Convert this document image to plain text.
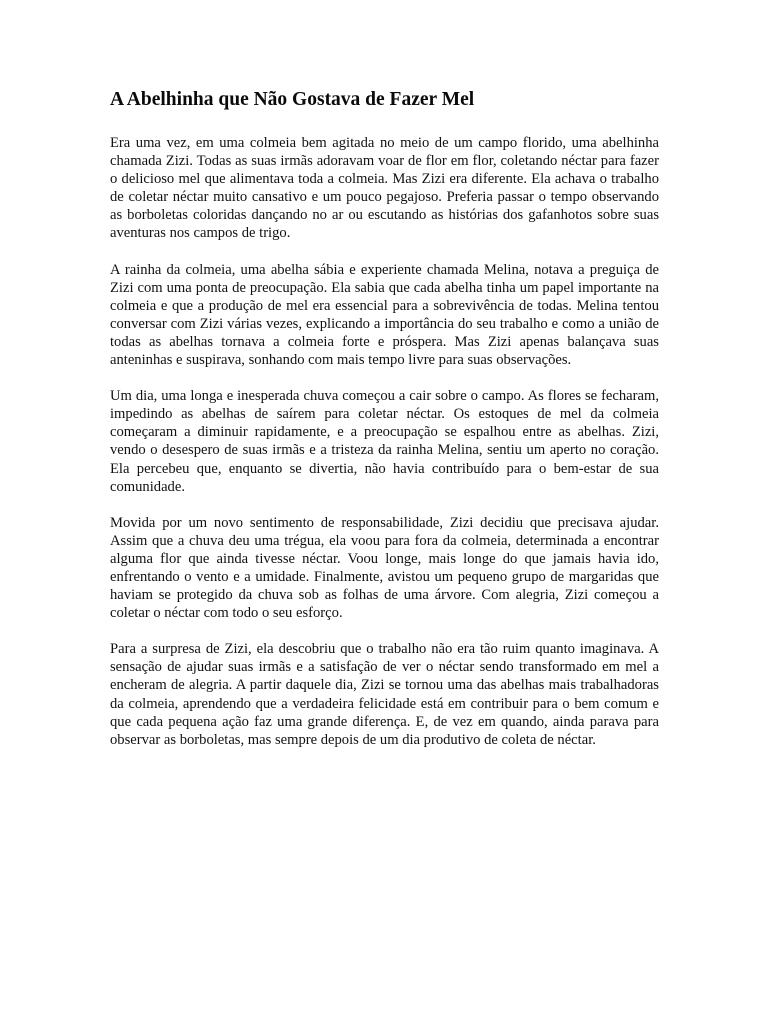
A Abelhinha que Não Gostava de Fazer Mel

Era uma vez, em uma colmeia bem agitada no meio de um campo florido, uma abelhinha chamada Zizi. Todas as suas irmãs adoravam voar de flor em flor, coletando néctar para fazer o delicioso mel que alimentava toda a colmeia. Mas Zizi era diferente. Ela achava o trabalho de coletar néctar muito cansativo e um pouco pegajoso. Preferia passar o tempo observando as borboletas coloridas dançando no ar ou escutando as histórias dos gafanhotos sobre suas aventuras nos campos de trigo.

A rainha da colmeia, uma abelha sábia e experiente chamada Melina, notava a preguiça de Zizi com uma ponta de preocupação. Ela sabia que cada abelha tinha um papel importante na colmeia e que a produção de mel era essencial para a sobrevivência de todas. Melina tentou conversar com Zizi várias vezes, explicando a importância do seu trabalho e como a união de todas as abelhas tornava a colmeia forte e próspera. Mas Zizi apenas balançava suas anteninhas e suspirava, sonhando com mais tempo livre para suas observações.

Um dia, uma longa e inesperada chuva começou a cair sobre o campo. As flores se fecharam, impedindo as abelhas de saírem para coletar néctar. Os estoques de mel da colmeia começaram a diminuir rapidamente, e a preocupação se espalhou entre as abelhas. Zizi, vendo o desespero de suas irmãs e a tristeza da rainha Melina, sentiu um aperto no coração. Ela percebeu que, enquanto se divertia, não havia contribuído para o bem-estar de sua comunidade.

Movida por um novo sentimento de responsabilidade, Zizi decidiu que precisava ajudar. Assim que a chuva deu uma trégua, ela voou para fora da colmeia, determinada a encontrar alguma flor que ainda tivesse néctar. Voou longe, mais longe do que jamais havia ido, enfrentando o vento e a umidade. Finalmente, avistou um pequeno grupo de margaridas que haviam se protegido da chuva sob as folhas de uma árvore. Com alegria, Zizi começou a coletar o néctar com todo o seu esforço.

Para a surpresa de Zizi, ela descobriu que o trabalho não era tão ruim quanto imaginava. A sensação de ajudar suas irmãs e a satisfação de ver o néctar sendo transformado em mel a encheram de alegria. A partir daquele dia, Zizi se tornou uma das abelhas mais trabalhadoras da colmeia, aprendendo que a verdadeira felicidade está em contribuir para o bem comum e que cada pequena ação faz uma grande diferença. E, de vez em quando, ainda parava para observar as borboletas, mas sempre depois de um dia produtivo de coleta de néctar.
